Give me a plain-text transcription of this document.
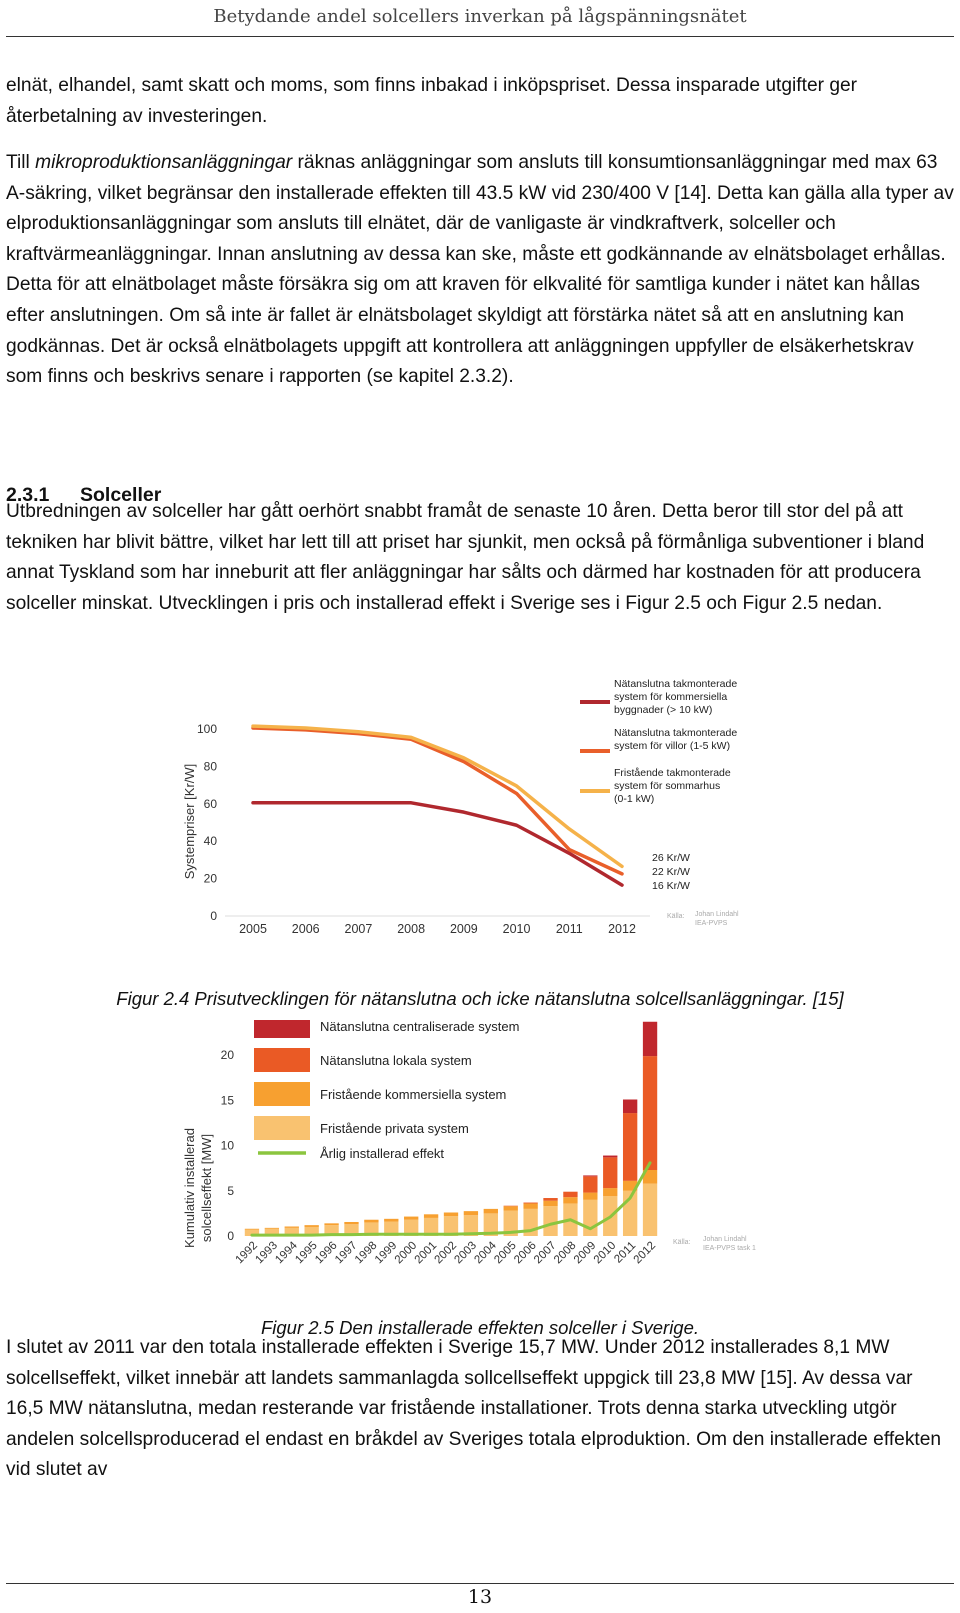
Betydande andel solcellers inverkan på lågspänningsnätet

elnät, elhandel, samt skatt och moms, som finns inbakad i inköpspriset. Dessa insparade utgifter ger återbetalning av investeringen.

Till mikroproduktionsanläggningar räknas anläggningar som ansluts till konsumtionsanläggningar med max 63 A-säkring, vilket begränsar den installerade effekten till 43.5 kW vid 230/400 V [14]. Detta kan gälla alla typer av elproduktionsanläggningar som ansluts till elnätet, där de vanligaste är vindkraftverk, solceller och kraftvärmeanläggningar. Innan anslutning av dessa kan ske, måste ett godkännande av elnätsbolaget erhållas. Detta för att elnätbolaget måste försäkra sig om att kraven för elkvalité för samtliga kunder i nätet kan hållas efter anslutningen. Om så inte är fallet är elnätsbolaget skyldigt att förstärka nätet så att en anslutning kan godkännas. Det är också elnätbolagets uppgift att kontrollera att anläggningen uppfyller de elsäkerhetskrav som finns och beskrivs senare i rapporten (se kapitel 2.3.2).

2.3.1 Solceller

Utbredningen av solceller har gått oerhört snabbt framåt de senaste 10 åren. Detta beror till stor del på att tekniken har blivit bättre, vilket har lett till att priset har sjunkit, men också på förmånliga subventioner i bland annat Tyskland som har inneburit att fler anläggningar har sålts och därmed har kostnaden för att producera solceller minskat. Utvecklingen i pris och installerad effekt i Sverige ses i Figur 2.5 och Figur 2.5 nedan.

0
20
40
60
80
100
Systempriser [Kr/W]
2005 2006 2007 2008 2009 2010 2011 2012
26 Kr/W
22 Kr/W
16 Kr/W
Nätanslutna takmonterade
system för kommersiella
byggnader (> 10 kW)
Nätanslutna takmonterade
system för villor (1-5 kW)
Fristående takmonterade
system för sommarhus
(0-1 kW)
Källa: Johan Lindahl
IEA-PVPS
Figur 2.4 Prisutvecklingen för nätanslutna och icke nätanslutna solcellsanläggningar. [15]
0
5
10
15
20
Kumulativ installerad solcellseffekt [MW]
1992
1993
1994
1995
1996
1997
1998
1999
2000
2001
2002
2003
2004
2005
2006
2007
2008
2009
2010
2011
2012
Nätanslutna centraliserade system
Nätanslutna lokala system
Fristående kommersiella system
Fristående privata system
Årlig installerad effekt
Källa: Johan Lindahl
IEA-PVPS task 1
Figur 2.5 Den installerade effekten solceller i Sverige.

I slutet av 2011 var den totala installerade effekten i Sverige 15,7 MW. Under 2012 installerades 8,1 MW solcellseffekt, vilket innebär att landets sammanlagda sollcellseffekt uppgick till 23,8 MW [15]. Av dessa var 16,5 MW nätanslutna, medan resterande var fristående installationer. Trots denna starka utveckling utgör andelen solcellsproducerad el endast en bråkdel av Sveriges totala elproduktion. Om den installerade effekten vid slutet av

13
